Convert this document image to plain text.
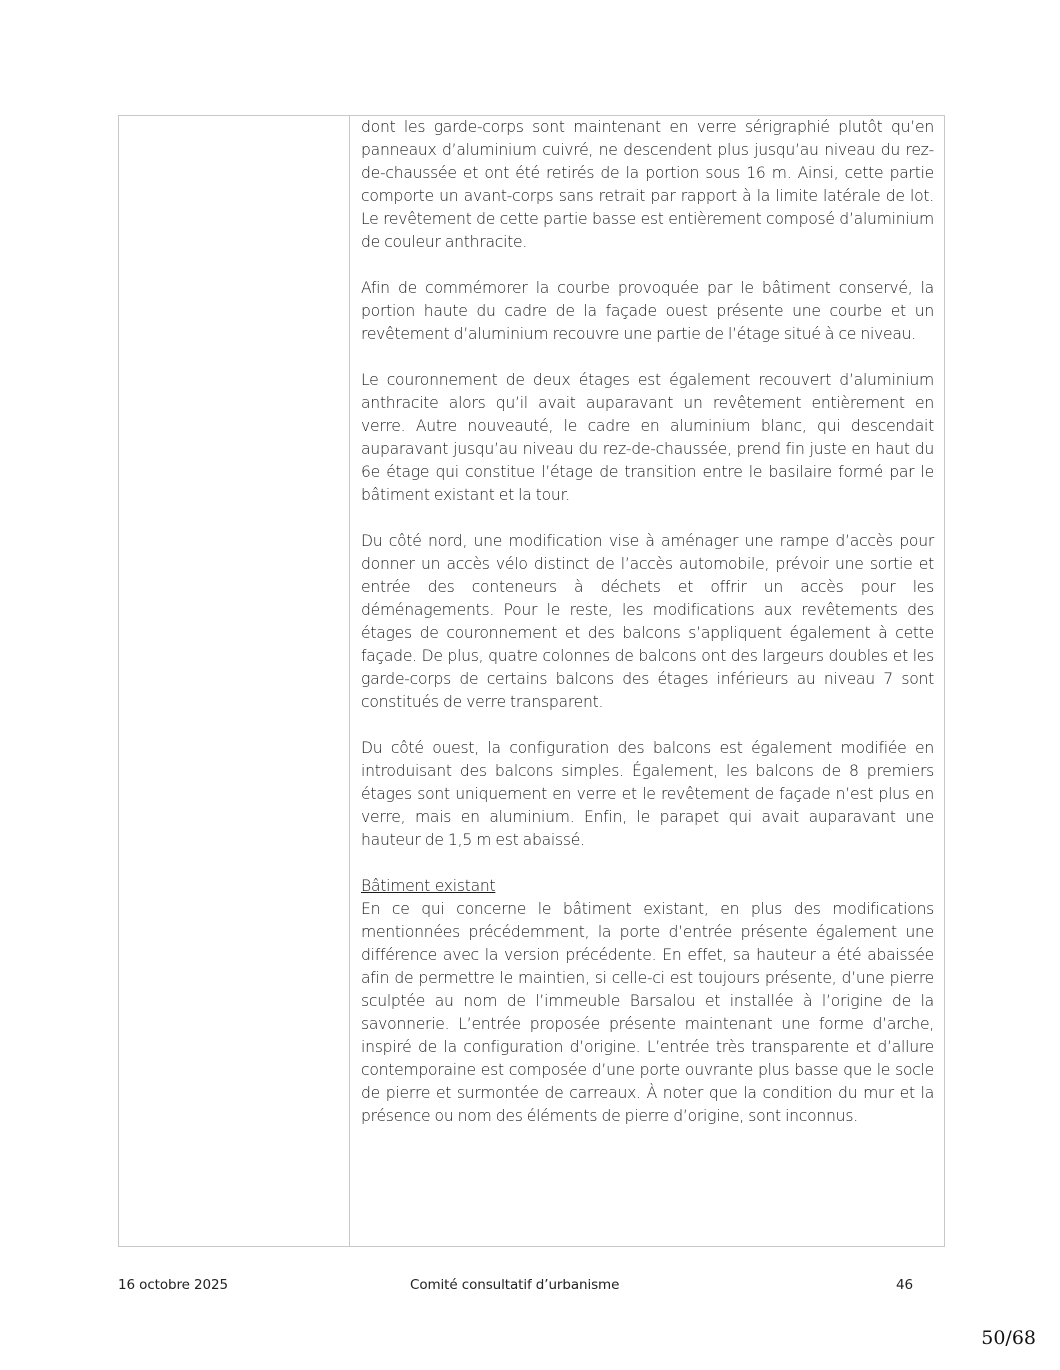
dont les garde-corps sont maintenant en verre sérigraphié plutôt qu’en panneaux d’aluminium cuivré, ne descendent plus jusqu’au niveau du rez-de-chaussée et ont été retirés de la portion sous 16 m. Ainsi, cette partie comporte un avant-corps sans retrait par rapport à la limite latérale de lot. Le revêtement de cette partie basse est entièrement composé d’aluminium de couleur anthracite.

Afin de commémorer la courbe provoquée par le bâtiment conservé, la portion haute du cadre de la façade ouest présente une courbe et un revêtement d’aluminium recouvre une partie de l’étage situé à ce niveau.

Le couronnement de deux étages est également recouvert d’aluminium anthracite alors qu’il avait auparavant un revêtement entièrement en verre. Autre nouveauté, le cadre en aluminium blanc, qui descendait auparavant jusqu’au niveau du rez-de-chaussée, prend fin juste en haut du 6e étage qui constitue l’étage de transition entre le basilaire formé par le bâtiment existant et la tour.

Du côté nord, une modification vise à aménager une rampe d’accès pour donner un accès vélo distinct de l’accès automobile, prévoir une sortie et entrée des conteneurs à déchets et offrir un accès pour les déménagements. Pour le reste, les modifications aux revêtements des étages de couronnement et des balcons s’appliquent également à cette façade. De plus, quatre colonnes de balcons ont des largeurs doubles et les garde-corps de certains balcons des étages inférieurs au niveau 7 sont constitués de verre transparent.

Du côté ouest, la configuration des balcons est également modifiée en introduisant des balcons simples. Également, les balcons de 8 premiers étages sont uniquement en verre et le revêtement de façade n’est plus en verre, mais en aluminium. Enfin, le parapet qui avait auparavant une hauteur de 1,5 m est abaissé.

Bâtiment existant

En ce qui concerne le bâtiment existant, en plus des modifications mentionnées précédemment, la porte d’entrée présente également une différence avec la version précédente. En effet, sa hauteur a été abaissée afin de permettre le maintien, si celle-ci est toujours présente, d’une pierre sculptée au nom de l’immeuble Barsalou et installée à l’origine de la savonnerie. L’entrée proposée présente maintenant une forme d’arche, inspiré de la configuration d’origine. L’entrée très transparente et d’allure contemporaine est composée d’une porte ouvrante plus basse que le socle de pierre et surmontée de carreaux. À noter que la condition du mur et la présence ou nom des éléments de pierre d’origine, sont inconnus.

16 octobre 2025	Comité consultatif d’urbanisme	46
50/68
